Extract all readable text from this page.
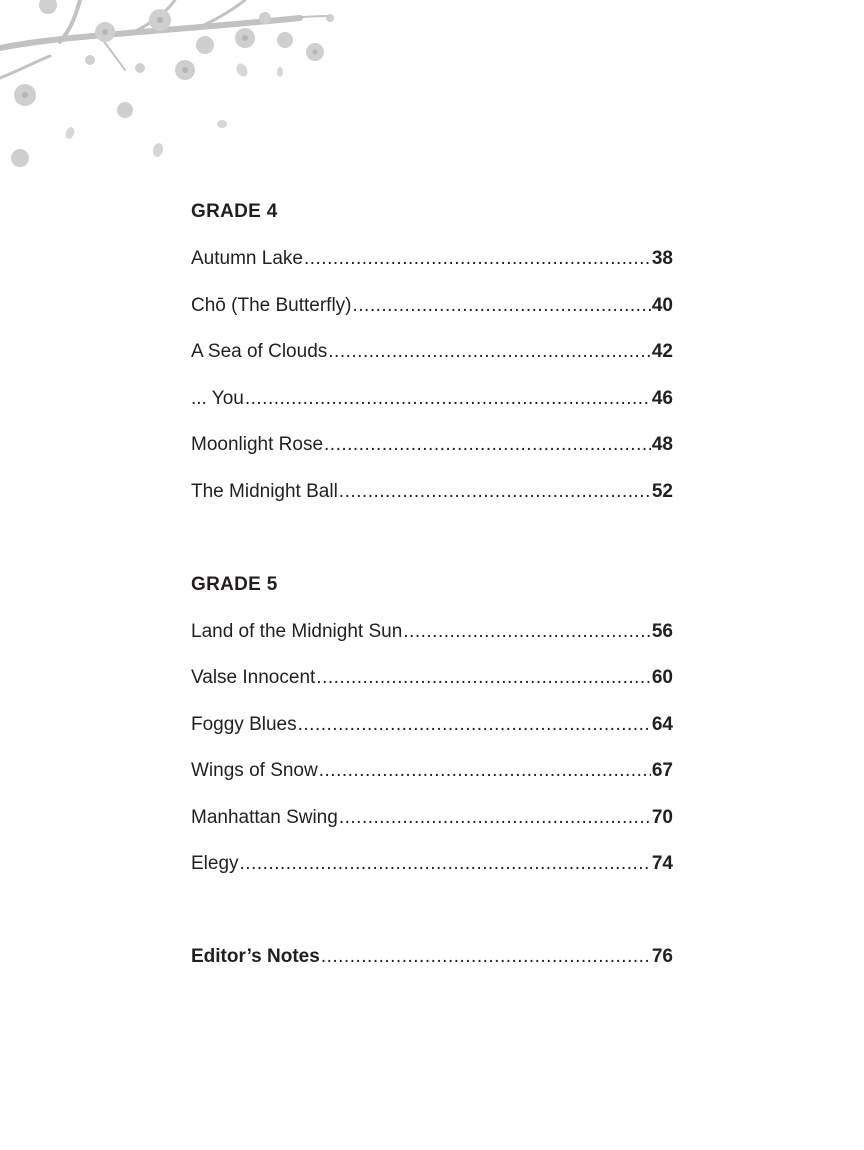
GRADE 4
Autumn Lake .....	38
Chō (The Butterfly) .....	40
A Sea of Clouds .....	42
... You .....	46
Moonlight Rose .....	48
The Midnight Ball .....	52
GRADE 5
Land of the Midnight Sun .....	56
Valse Innocent .....	60
Foggy Blues .....	64
Wings of Snow .....	67
Manhattan Swing .....	70
Elegy .....	74
Editor’s Notes .....	76
